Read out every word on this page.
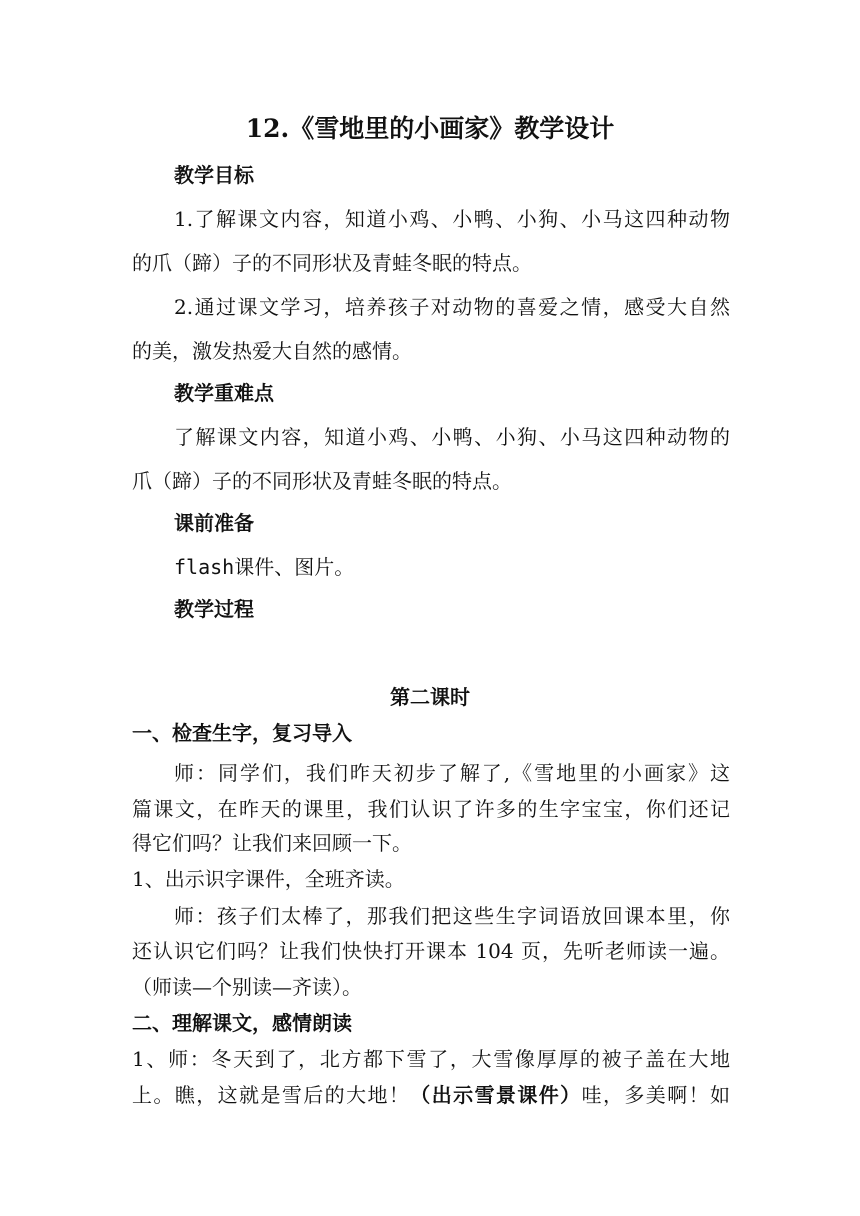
12.《雪地里的小画家》教学设计
教学目标
1.了解课文内容，知道小鸡、小鸭、小狗、小马这四种动物
的爪（蹄）子的不同形状及青蛙冬眠的特点。
2.通过课文学习，培养孩子对动物的喜爱之情，感受大自然
的美，激发热爱大自然的感情。
教学重难点
了解课文内容，知道小鸡、小鸭、小狗、小马这四种动物的
爪（蹄）子的不同形状及青蛙冬眠的特点。
课前准备
flash课件、图片。
教学过程
第二课时
一、检查生字，复习导入
师：同学们，我们昨天初步了解了,《雪地里的小画家》这
篇课文，在昨天的课里，我们认识了许多的生字宝宝，你们还记
得它们吗？让我们来回顾一下。
1、出示识字课件，全班齐读。
师：孩子们太棒了，那我们把这些生字词语放回课本里，你
还认识它们吗？让我们快快打开课本 104 页，先听老师读一遍。
（师读—个别读—齐读）。
二、理解课文，感情朗读
1、师：冬天到了，北方都下雪了，大雪像厚厚的被子盖在大地
上。瞧，这就是雪后的大地！（出示雪景课件）哇，多美啊！如
